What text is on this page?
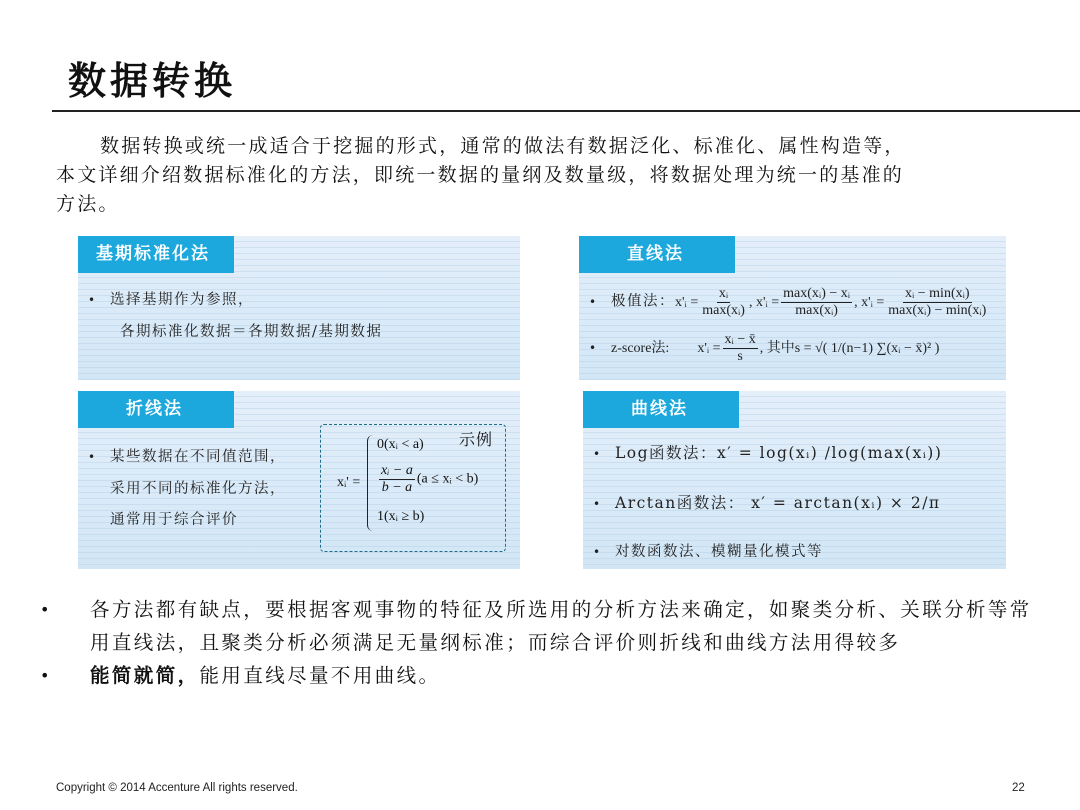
数据转换
数据转换或统一成适合于挖掘的形式，通常的做法有数据泛化、标准化、属性构造等，
本文详细介绍数据标准化的方法，即统一数据的量纲及数量级，将数据处理为统一的基准的
方法。
基期标准化法
• 选择基期作为参照，
各期标准化数据＝各期数据/基期数据
直线法
• 极值法：x'ᵢ = $\frac{\text{xᵢ}}{\text{max(xᵢ)}}$ , x'ᵢ = $\frac{\text{max(xᵢ) − xᵢ}}{\text{max(xᵢ)}}$ , x'ᵢ = $\frac{\text{xᵢ − min(xᵢ)}}{\text{max(xᵢ) − min(xᵢ)}}$
• z-score法: x'ᵢ = $\frac{\text{xᵢ − x̄}}{s}$ , 其中s = √( 1/(n−1) ∑(xᵢ − x̄)² )
折线法
• 某些数据在不同值范围，
采用不同的标准化方法，
通常用于综合评价
示例
xᵢ' =
0(xᵢ < a)
$\frac{\text{xᵢ − a}}{b - a} (a$ ≤ xᵢ < b)
1(xᵢ ≥ b)
曲线法
• Log函数法：x′ = log(xᵢ) /log(max(xᵢ))
• Arctan函数法： x′ = arctan(xᵢ) × 2/π
• 对数函数法、模糊量化模式等
• 各方法都有缺点，要根据客观事物的特征及所选用的分析方法来确定，如聚类分析、关联分析等常用直线法，且聚类分析必须满足无量纲标准；而综合评价则折线和曲线方法用得较多
• 能简就简，能用直线尽量不用曲线。
Copyright © 2014 Accenture All rights reserved.	22
